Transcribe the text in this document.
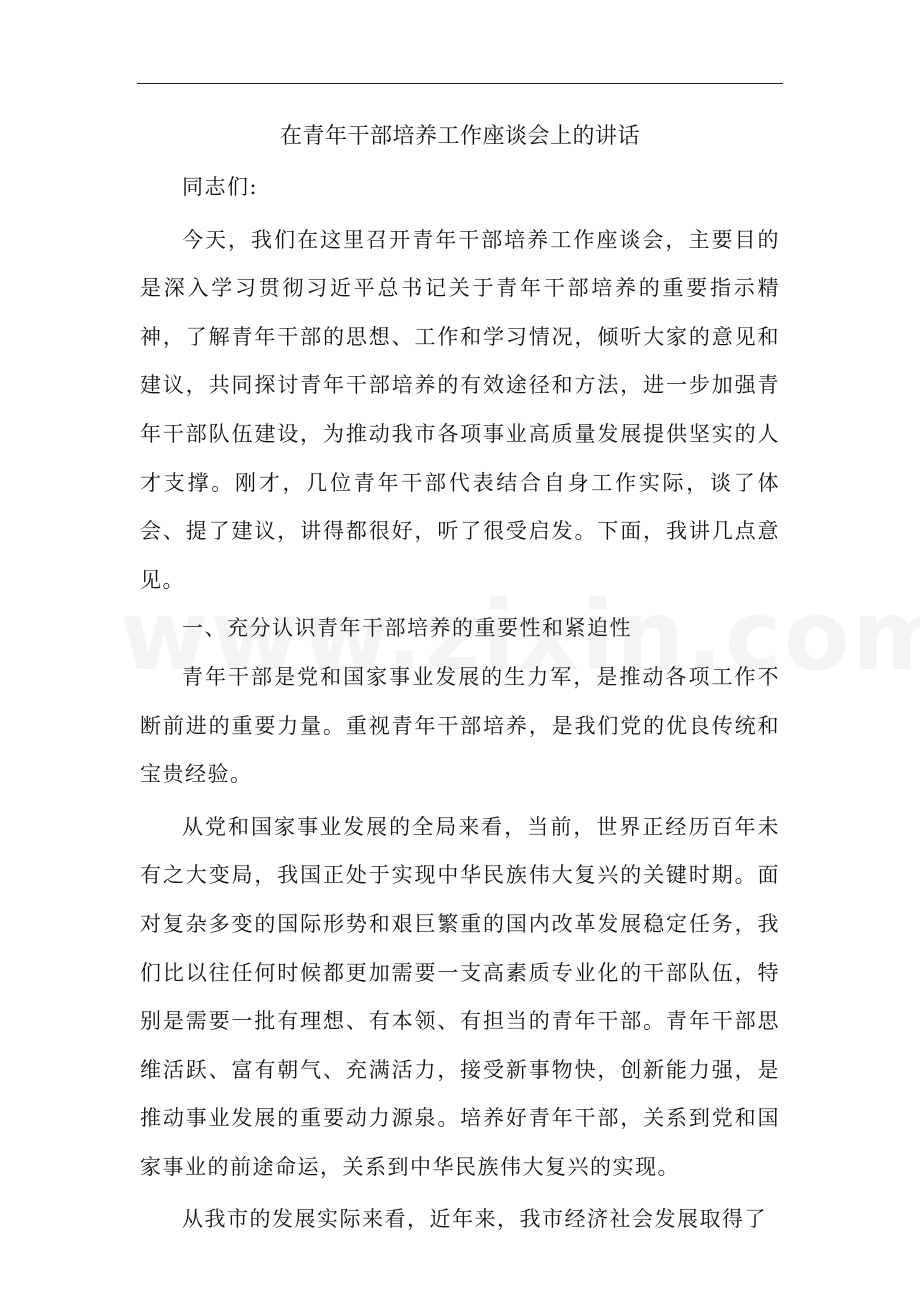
在青年干部培养工作座谈会上的讲话

同志们:

今天，我们在这里召开青年干部培养工作座谈会，主要目的是深入学习贯彻习近平总书记关于青年干部培养的重要指示精神，了解青年干部的思想、工作和学习情况，倾听大家的意见和建议，共同探讨青年干部培养的有效途径和方法，进一步加强青年干部队伍建设，为推动我市各项事业高质量发展提供坚实的人才支撑。刚才，几位青年干部代表结合自身工作实际，谈了体会、提了建议，讲得都很好，听了很受启发。下面，我讲几点意见。

一、充分认识青年干部培养的重要性和紧迫性

青年干部是党和国家事业发展的生力军，是推动各项工作不断前进的重要力量。重视青年干部培养，是我们党的优良传统和宝贵经验。

从党和国家事业发展的全局来看，当前，世界正经历百年未有之大变局，我国正处于实现中华民族伟大复兴的关键时期。面对复杂多变的国际形势和艰巨繁重的国内改革发展稳定任务，我们比以往任何时候都更加需要一支高素质专业化的干部队伍，特别是需要一批有理想、有本领、有担当的青年干部。青年干部思维活跃、富有朝气、充满活力，接受新事物快，创新能力强，是推动事业发展的重要动力源泉。培养好青年干部，关系到党和国家事业的前途命运，关系到中华民族伟大复兴的实现。

从我市的发展实际来看，近年来，我市经济社会发展取得了
